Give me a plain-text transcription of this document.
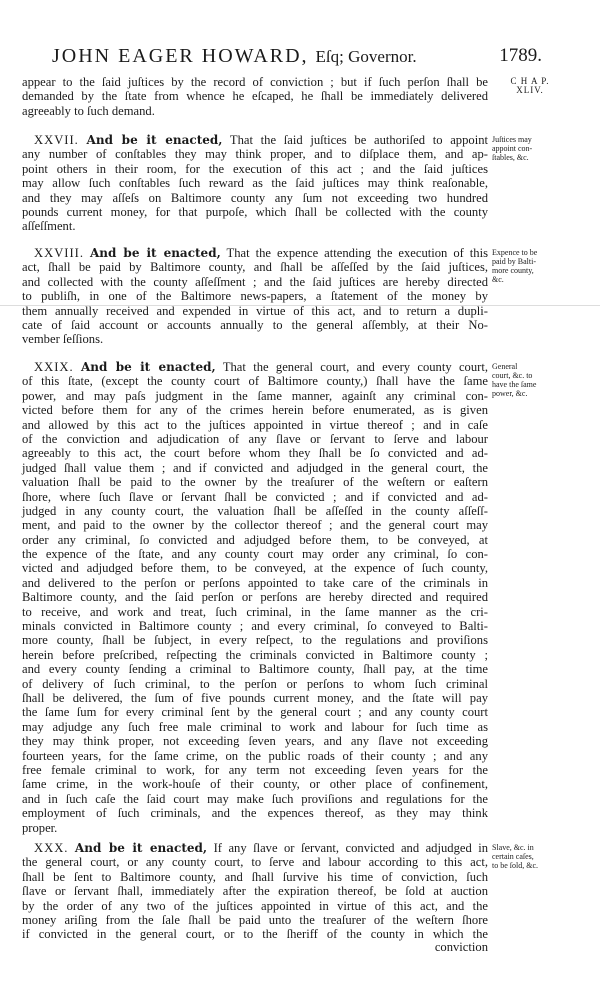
JOHN EAGER HOWARD, Eſq; Governor.	1789.
appear to the ſaid juſtices by the record of conviction ; but if ſuch perſon ſhall be
demanded by the ſtate from whence he eſcaped, he ſhall be immediately delivered
agreeably to ſuch demand.
C H A P.
XLIV.
XXVII. And be it enacted, That the ſaid juſtices be authoriſed to appoint
any number of conſtables they may think proper, and to diſplace them, and ap-
point others in their room, for the execution of this act ; and the ſaid juſtices
may allow ſuch conſtables ſuch reward as the ſaid juſtices may think reaſonable,
and they may aſſeſs on Baltimore county any ſum not exceeding two hundred
pounds current money, for that purpoſe, which ſhall be collected with the county
aſſeſſment.
Juſtices may
appoint con-
ſtables, &c.
XXVIII. And be it enacted, That the expence attending the execution of this
act, ſhall be paid by Baltimore county, and ſhall be aſſeſſed by the ſaid juſtices,
and collected with the county aſſeſſment ; and the ſaid juſtices are hereby directed
to publiſh, in one of the Baltimore news-papers, a ſtatement of the money by
them annually received and expended in virtue of this act, and to return a dupli-
cate of ſaid account or accounts annually to the general aſſembly, at their No-
vember ſeſſions.
Expence to be
paid by Balti-
more county,
&c.
XXIX. And be it enacted, That the general court, and every county court,
of this ſtate, (except the county court of Baltimore county,) ſhall have the ſame
power, and may paſs judgment in the ſame manner, againſt any criminal con-
victed before them for any of the crimes herein before enumerated, as is given
and allowed by this act to the juſtices appointed in virtue thereof ; and in caſe
of the conviction and adjudication of any ſlave or ſervant to ſerve and labour
agreeably to this act, the court before whom they ſhall be ſo convicted and ad-
judged ſhall value them ; and if convicted and adjudged in the general court, the
valuation ſhall be paid to the owner by the treaſurer of the weſtern or eaſtern
ſhore, where ſuch ſlave or ſervant ſhall be convicted ; and if convicted and ad-
judged in any county court, the valuation ſhall be aſſeſſed in the county aſſeſſ-
ment, and paid to the owner by the collector thereof ; and the general court may
order any criminal, ſo convicted and adjudged before them, to be conveyed, at
the expence of the ſtate, and any county court may order any criminal, ſo con-
victed and adjudged before them, to be conveyed, at the expence of ſuch county,
and delivered to the perſon or perſons appointed to take care of the criminals in
Baltimore county, and the ſaid perſon or perſons are hereby directed and required
to receive, and work and treat, ſuch criminal, in the ſame manner as the cri-
minals convicted in Baltimore county ; and every criminal, ſo conveyed to Balti-
more county, ſhall be ſubject, in every reſpect, to the regulations and proviſions
herein before preſcribed, reſpecting the criminals convicted in Baltimore county ;
and every county ſending a criminal to Baltimore county, ſhall pay, at the time
of delivery of ſuch criminal, to the perſon or perſons to whom ſuch criminal
ſhall be delivered, the ſum of five pounds current money, and the ſtate will pay
the ſame ſum for every criminal ſent by the general court ; and any county court
may adjudge any ſuch free male criminal to work and labour for ſuch time as
they may think proper, not exceeding ſeven years, and any ſlave not exceeding
fourteen years, for the ſame crime, on the public roads of their county ; and any
free female criminal to work, for any term not exceeding ſeven years for the
ſame crime, in the work-houſe of their county, or other place of confinement,
and in ſuch caſe the ſaid court may make ſuch proviſions and regulations for the
employment of ſuch criminals, and the expences thereof, as they may think
proper.
General
court, &c. to
have the ſame
power, &c.
XXX. And be it enacted, If any ſlave or ſervant, convicted and adjudged in
the general court, or any county court, to ſerve and labour according to this act,
ſhall be ſent to Baltimore county, and ſhall ſurvive his time of conviction, ſuch
ſlave or ſervant ſhall, immediately after the expiration thereof, be ſold at auction
by the order of any two of the juſtices appointed in virtue of this act, and the
money ariſing from the ſale ſhall be paid unto the treaſurer of the weſtern ſhore
if convicted in the general court, or to the ſheriff of the county in which the
Slave, &c. in
certain caſes,
to be ſold, &c.
conviction
